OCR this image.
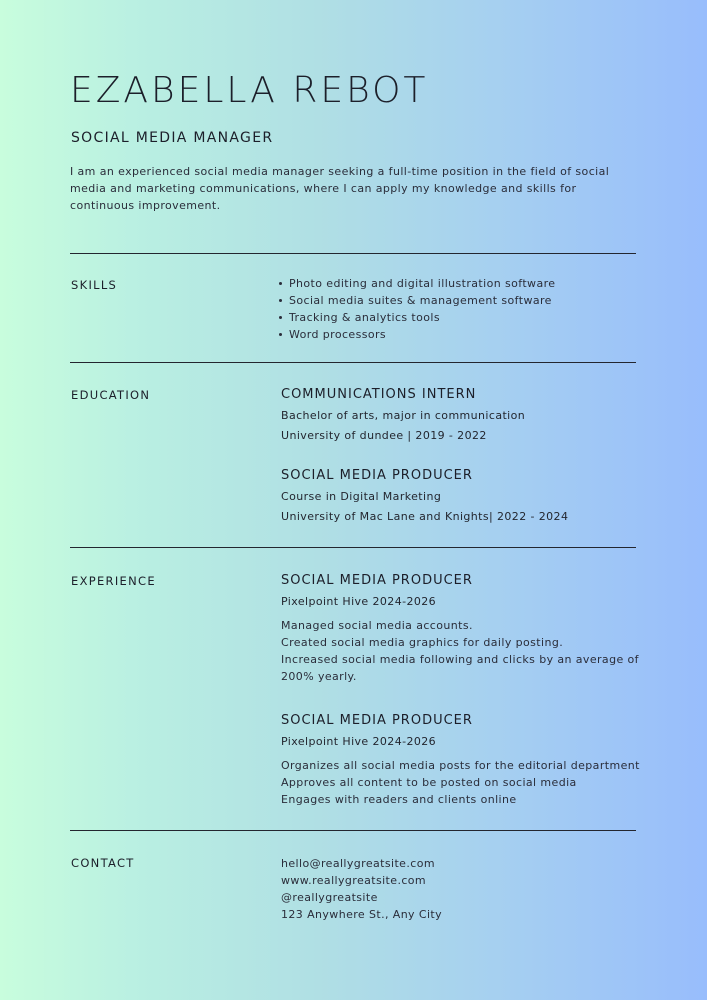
EZABELLA REBOT
SOCIAL MEDIA MANAGER
I am an experienced social media manager seeking a full-time position in the field of social media and marketing communications, where I can apply my knowledge and skills for continuous improvement.
SKILLS	Photo editing and digital illustration software
Social media suites & management software
Tracking & analytics tools
Word processors
EDUCATION	COMMUNICATIONS INTERN
Bachelor of arts, major in communication
University of dundee | 2019 - 2022
SOCIAL MEDIA PRODUCER
Course in Digital Marketing
University of Mac Lane and Knights| 2022 - 2024
EXPERIENCE	SOCIAL MEDIA PRODUCER
Pixelpoint Hive 2024-2026
Managed social media accounts.
Created social media graphics for daily posting.
Increased social media following and clicks by an average of 200% yearly.
SOCIAL MEDIA PRODUCER
Pixelpoint Hive 2024-2026
Organizes all social media posts for the editorial department
Approves all content to be posted on social media
Engages with readers and clients online
CONTACT	hello@reallygreatsite.com
www.reallygreatsite.com
@reallygreatsite
123 Anywhere St., Any City
